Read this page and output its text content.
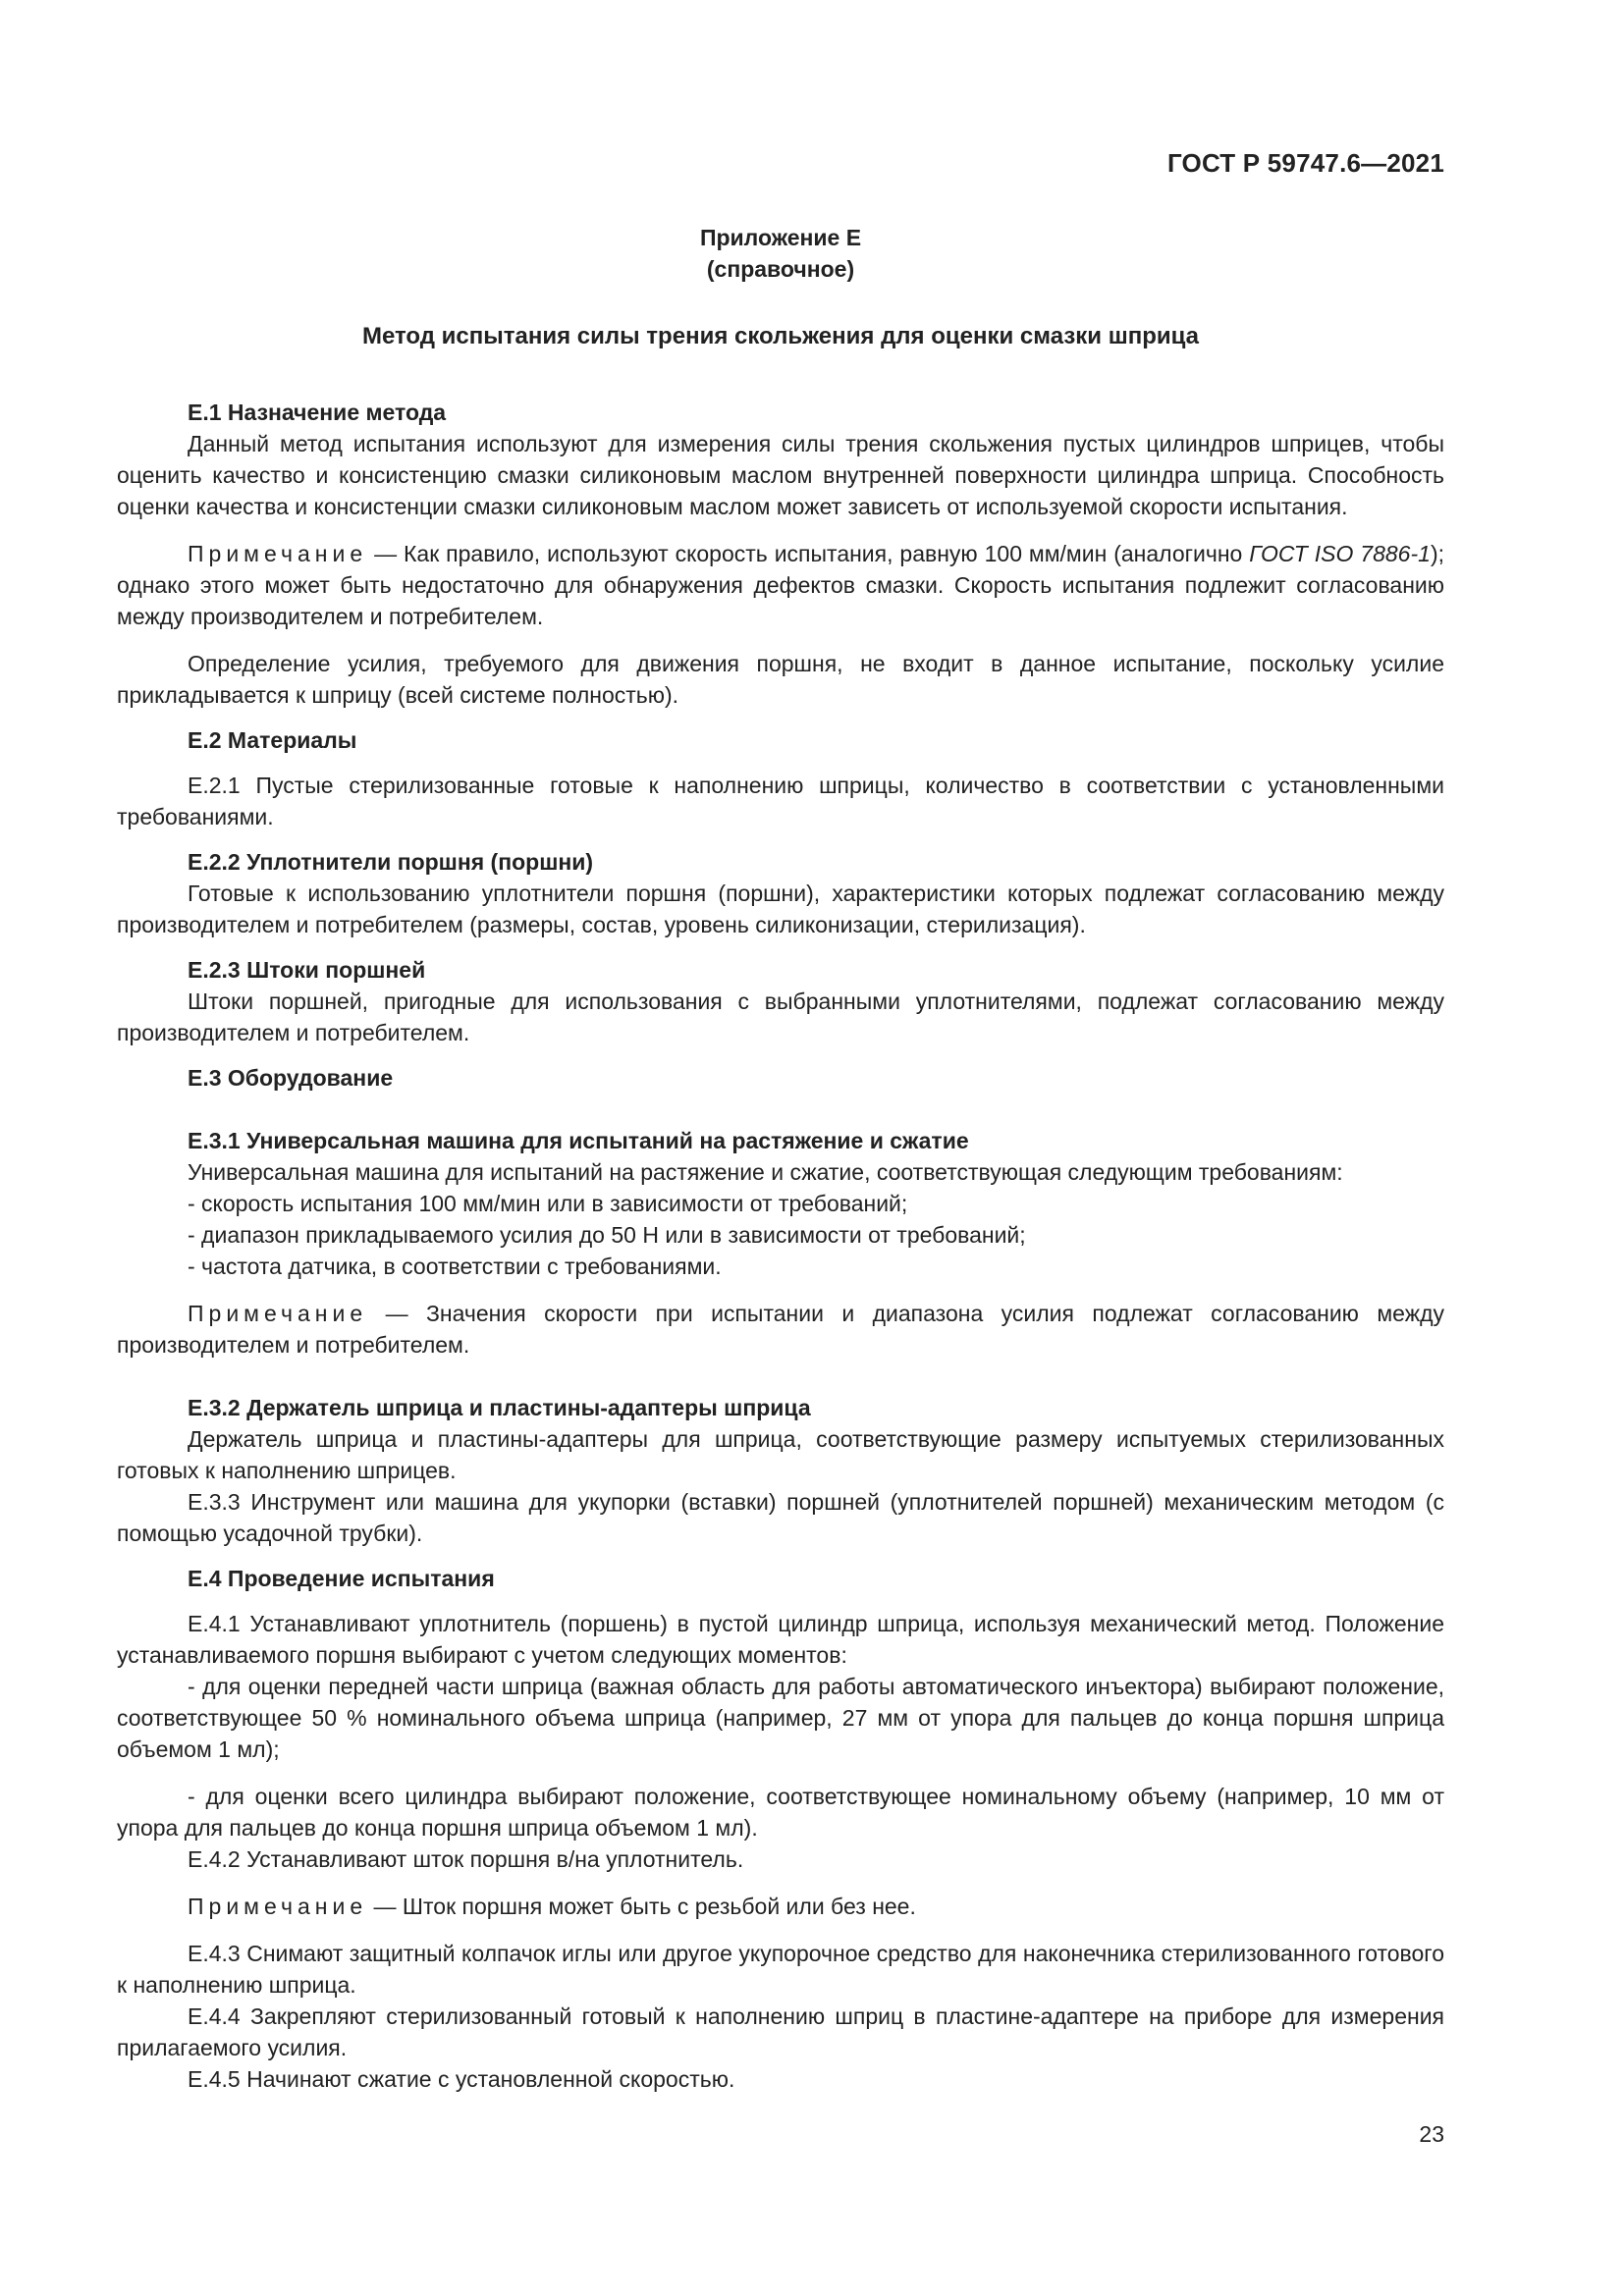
ГОСТ Р 59747.6—2021
Приложение Е
(справочное)
Метод испытания силы трения скольжения для оценки смазки шприца

Е.1 Назначение метода

Данный метод испытания используют для измерения силы трения скольжения пустых цилиндров шприцев, чтобы оценить качество и консистенцию смазки силиконовым маслом внутренней поверхности цилиндра шприца. Способность оценки качества и консистенции смазки силиконовым маслом может зависеть от используемой скорости испытания.

Примечание — Как правило, используют скорость испытания, равную 100 мм/мин (аналогично ГОСТ ISO 7886-1); однако этого может быть недостаточно для обнаружения дефектов смазки. Скорость испытания подлежит согласованию между производителем и потребителем.

Определение усилия, требуемого для движения поршня, не входит в данное испытание, поскольку усилие прикладывается к шприцу (всей системе полностью).

Е.2 Материалы

Е.2.1 Пустые стерилизованные готовые к наполнению шприцы, количество в соответствии с установленными требованиями.

Е.2.2 Уплотнители поршня (поршни)

Готовые к использованию уплотнители поршня (поршни), характеристики которых подлежат согласованию между производителем и потребителем (размеры, состав, уровень силиконизации, стерилизация).

Е.2.3 Штоки поршней

Штоки поршней, пригодные для использования с выбранными уплотнителями, подлежат согласованию между производителем и потребителем.

Е.3 Оборудование

Е.3.1 Универсальная машина для испытаний на растяжение и сжатие

Универсальная машина для испытаний на растяжение и сжатие, соответствующая следующим требованиям:

- скорость испытания 100 мм/мин или в зависимости от требований;

- диапазон прикладываемого усилия до 50 Н или в зависимости от требований;

- частота датчика, в соответствии с требованиями.

Примечание — Значения скорости при испытании и диапазона усилия подлежат согласованию между производителем и потребителем.

Е.3.2 Держатель шприца и пластины-адаптеры шприца

Держатель шприца и пластины-адаптеры для шприца, соответствующие размеру испытуемых стерилизованных готовых к наполнению шприцев.

Е.3.3 Инструмент или машина для укупорки (вставки) поршней (уплотнителей поршней) механическим методом (с помощью усадочной трубки).

Е.4 Проведение испытания

Е.4.1 Устанавливают уплотнитель (поршень) в пустой цилиндр шприца, используя механический метод. Положение устанавливаемого поршня выбирают с учетом следующих моментов:

- для оценки передней части шприца (важная область для работы автоматического инъектора) выбирают положение, соответствующее 50 % номинального объема шприца (например, 27 мм от упора для пальцев до конца поршня шприца объемом 1 мл);

- для оценки всего цилиндра выбирают положение, соответствующее номинальному объему (например, 10 мм от упора для пальцев до конца поршня шприца объемом 1 мл).

Е.4.2 Устанавливают шток поршня в/на уплотнитель.

Примечание — Шток поршня может быть с резьбой или без нее.

Е.4.3 Снимают защитный колпачок иглы или другое укупорочное средство для наконечника стерилизованного готового к наполнению шприца.

Е.4.4 Закрепляют стерилизованный готовый к наполнению шприц в пластине-адаптере на приборе для измерения прилагаемого усилия.

Е.4.5 Начинают сжатие с установленной скоростью.

23
